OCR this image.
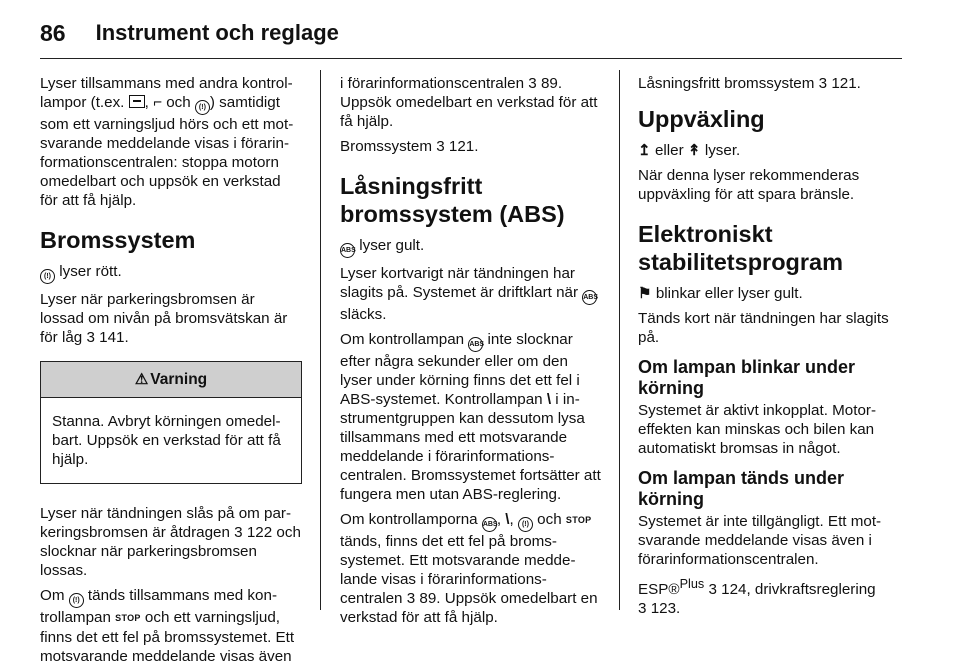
86 Instrument och reglage

Lyser tillsammans med andra kontrollampor (t.ex. , ⌐ och (!) ) samtidigt som ett varningsljud hörs och ett motsvarande meddelande visas i förarinformationscentralen: stoppa motorn omedelbart och uppsök en verkstad för att få hjälp.

Bromssystem

(!) lyser rött.

Lyser när parkeringsbromsen är lossad om nivån på bromsvätskan är för låg 3 141.

⚠ Varning
Stanna. Avbryt körningen omedelbart. Uppsök en verkstad för att få hjälp.

Lyser när tändningen slås på om parkeringsbromsen är åtdragen 3 122 och slocknar när parkeringsbromsen lossas.

Om (!) tänds tillsammans med kontrollampan STOP och ett varningsljud, finns det ett fel på bromssystemet. Ett motsvarande meddelande visas även

i förarinformationscentralen 3 89. Uppsök omedelbart en verkstad för att få hjälp.

Bromssystem 3 121.

Låsningsfritt bromssystem (ABS)

ABS lyser gult.

Lyser kortvarigt när tändningen har slagits på. Systemet är driftklart när ABS släcks.

Om kontrollampan ABS inte slocknar efter några sekunder eller om den lyser under körning finns det ett fel i ABS-systemet. Kontrollampan \ i instrumentgruppen kan dessutom lysa tillsammans med ett motsvarande meddelande i förarinformationscentralen. Bromssystemet fortsätter att fungera men utan ABS-reglering.

Om kontrollamporna ABS, \, (!) och STOP tänds, finns det ett fel på bromssystemet. Ett motsvarande meddelande visas i förarinformationscentralen 3 89. Uppsök omedelbart en verkstad för att få hjälp.

Låsningsfritt bromssystem 3 121.

Uppväxling

↥ eller ↟ lyser.

När denna lyser rekommenderas uppväxling för att spara bränsle.

Elektroniskt stabilitetsprogram

⚑ blinkar eller lyser gult.

Tänds kort när tändningen har slagits på.

Om lampan blinkar under körning

Systemet är aktivt inkopplat. Motoreffekten kan minskas och bilen kan automatiskt bromsas in något.

Om lampan tänds under körning

Systemet är inte tillgängligt. Ett motsvarande meddelande visas även i förarinformationscentralen.

ESP®$^{Plus}$ 3 124, drivkraftsreglering
3 123.
